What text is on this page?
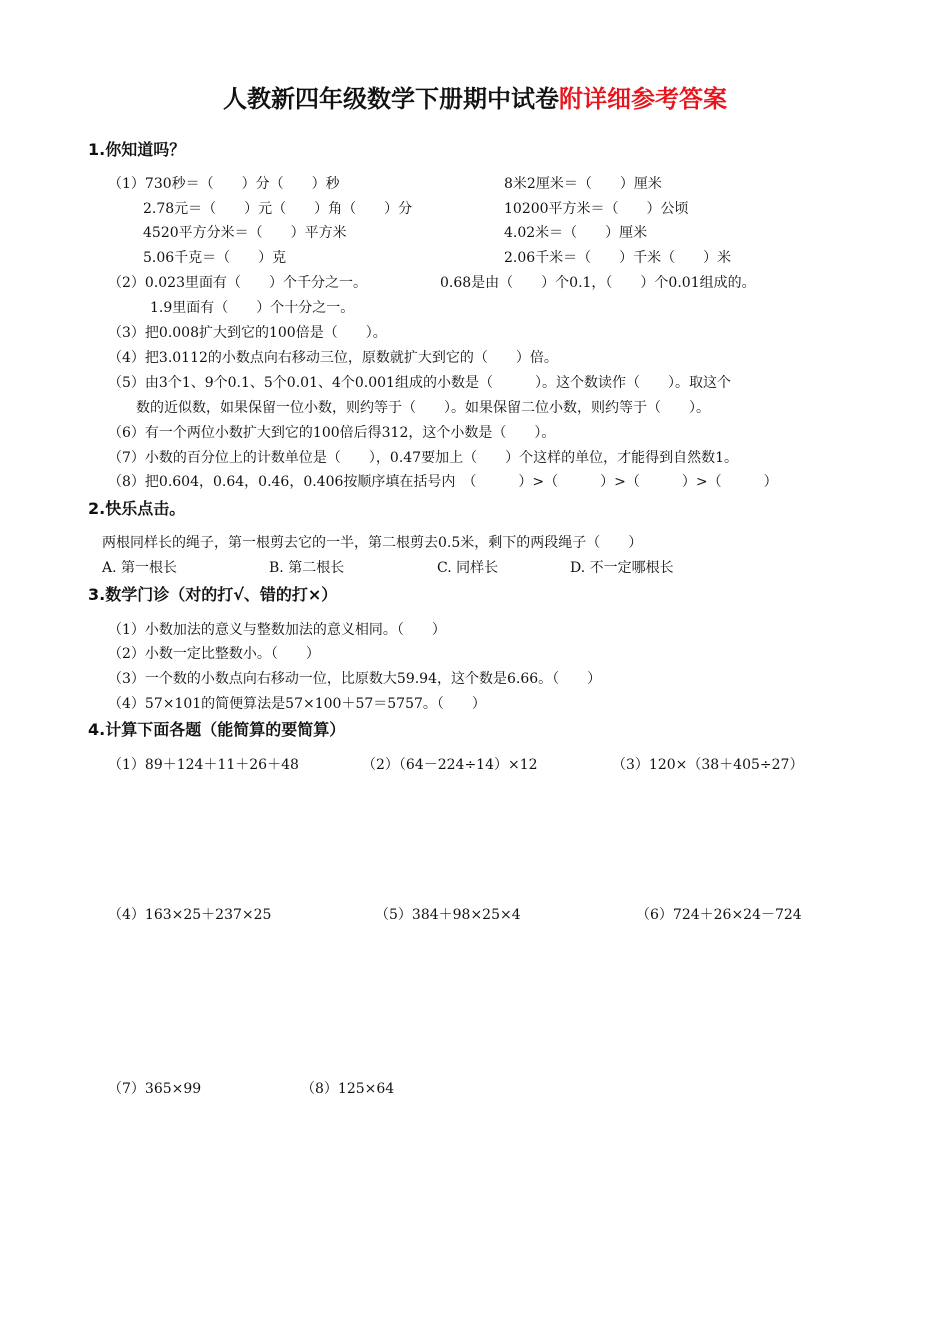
人教新四年级数学下册期中试卷附详细参考答案
1.你知道吗？
（1）730秒＝（　　）分（　　）秒	8米2厘米＝（　　）厘米
2.78元＝（　　）元（　　）角（　　）分	10200平方米＝（　　）公顷
4520平方分米＝（　　）平方米	4.02米＝（　　）厘米
5.06千克＝（　　）克	2.06千米＝（　　）千米（　　）米
（2）0.023里面有（　　）个千分之一。	0.68是由（　　）个0.1，（　　）个0.01组成的。
1.9里面有（　　）个十分之一。
（3）把0.008扩大到它的100倍是（　　）。
（4）把3.0112的小数点向右移动三位，原数就扩大到它的（　　）倍。
（5）由3个1、9个0.1、5个0.01、4个0.001组成的小数是（　　　）。这个数读作（　　）。取这个
数的近似数，如果保留一位小数，则约等于（　　）。如果保留二位小数，则约等于（　　）。
（6）有一个两位小数扩大到它的100倍后得312，这个小数是（　　）。
（7）小数的百分位上的计数单位是（　　），0.47要加上（　　）个这样的单位，才能得到自然数1。
（8）把0.604，0.64，0.46，0.406按顺序填在括号内　（　　　）>（　　　）>（　　　）>（　　　）
2.快乐点击。
两根同样长的绳子，第一根剪去它的一半，第二根剪去0.5米，剩下的两段绳子（　　）
A. 第一根长	B. 第二根长	C. 同样长	D. 不一定哪根长
3.数学门诊（对的打√、错的打×）
（1）小数加法的意义与整数加法的意义相同。（　　）
（2）小数一定比整数小。（　　）
（3）一个数的小数点向右移动一位，比原数大59.94，这个数是6.66。（　　）
（4）57×101的简便算法是57×100＋57＝5757。（　　）
4.计算下面各题（能简算的要简算）
（1）89＋124＋11＋26＋48	（2）（64－224÷14）×12	（3）120×（38＋405÷27）
（4）163×25＋237×25	（5）384＋98×25×4	（6）724＋26×24－724
（7）365×99	（8）125×64
